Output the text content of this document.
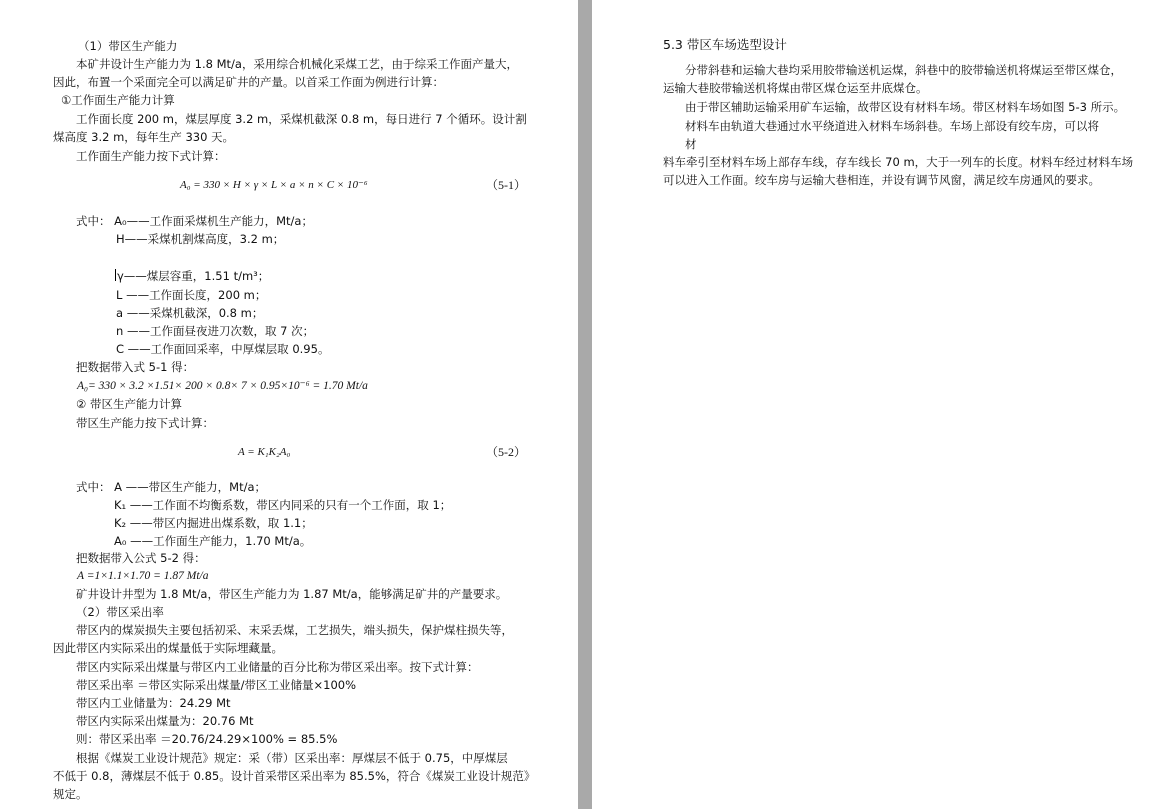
（1）带区生产能力
本矿井设计生产能力为 1.8 Mt/a，采用综合机械化采煤工艺，由于综采工作面产量大，
因此，布置一个采面完全可以满足矿井的产量。以首采工作面为例进行计算：
①工作面生产能力计算
工作面长度 200 m，煤层厚度 3.2 m，采煤机截深 0.8 m，每日进行 7 个循环。设计割
煤高度 3.2 m，每年生产 330 天。
工作面生产能力按下式计算：
A₀ = 330 × H × γ × L × a × n × C × 10⁻⁶	（5-1）
式中： A₀——工作面采煤机生产能力，Mt/a；
H——采煤机割煤高度，3.2 m；
γ——煤层容重，1.51 t/m³；
L ——工作面长度，200 m；
a ——采煤机截深，0.8 m；
n ——工作面昼夜进刀次数，取 7 次；
C ——工作面回采率，中厚煤层取 0.95。
把数据带入式 5-1 得：
A₀= 330 × 3.2 ×1.51× 200 × 0.8× 7 × 0.95×10⁻⁶ = 1.70 Mt/a
② 带区生产能力计算
带区生产能力按下式计算：
A = K₁K₂A₀	（5-2）
式中： A ——带区生产能力，Mt/a；
K₁ ——工作面不均衡系数，带区内同采的只有一个工作面，取 1；
K₂ ——带区内掘进出煤系数，取 1.1；
A₀ ——工作面生产能力，1.70 Mt/a。
把数据带入公式 5-2 得：
A =1×1.1×1.70 = 1.87 Mt/a
矿井设计井型为 1.8 Mt/a，带区生产能力为 1.87 Mt/a，能够满足矿井的产量要求。
（2）带区采出率
带区内的煤炭损失主要包括初采、末采丢煤，工艺损失，端头损失，保护煤柱损失等，
因此带区内实际采出的煤量低于实际埋藏量。
带区内实际采出煤量与带区内工业储量的百分比称为带区采出率。按下式计算：
带区采出率 ＝带区实际采出煤量/带区工业储量×100%
带区内工业储量为：24.29 Mt
带区内实际采出煤量为：20.76 Mt
则：带区采出率 ＝20.76/24.29×100% = 85.5%
根据《煤炭工业设计规范》规定：采（带）区采出率：厚煤层不低于 0.75，中厚煤层
不低于 0.8，薄煤层不低于 0.85。设计首采带区采出率为 85.5%，符合《煤炭工业设计规范》
规定。
5.3 带区车场选型设计
分带斜巷和运输大巷均采用胶带输送机运煤，斜巷中的胶带输送机将煤运至带区煤仓，
运输大巷胶带输送机将煤由带区煤仓运至井底煤仓。
由于带区辅助运输采用矿车运输，故带区设有材料车场。带区材料车场如图 5-3 所示。
材料车由轨道大巷通过水平绕道进入材料车场斜巷。车场上部设有绞车房，可以将
材
料车牵引至材料车场上部存车线，存车线长 70 m，大于一列车的长度。材料车经过材料车场
可以进入工作面。绞车房与运输大巷相连，并设有调节风窗，满足绞车房通风的要求。
